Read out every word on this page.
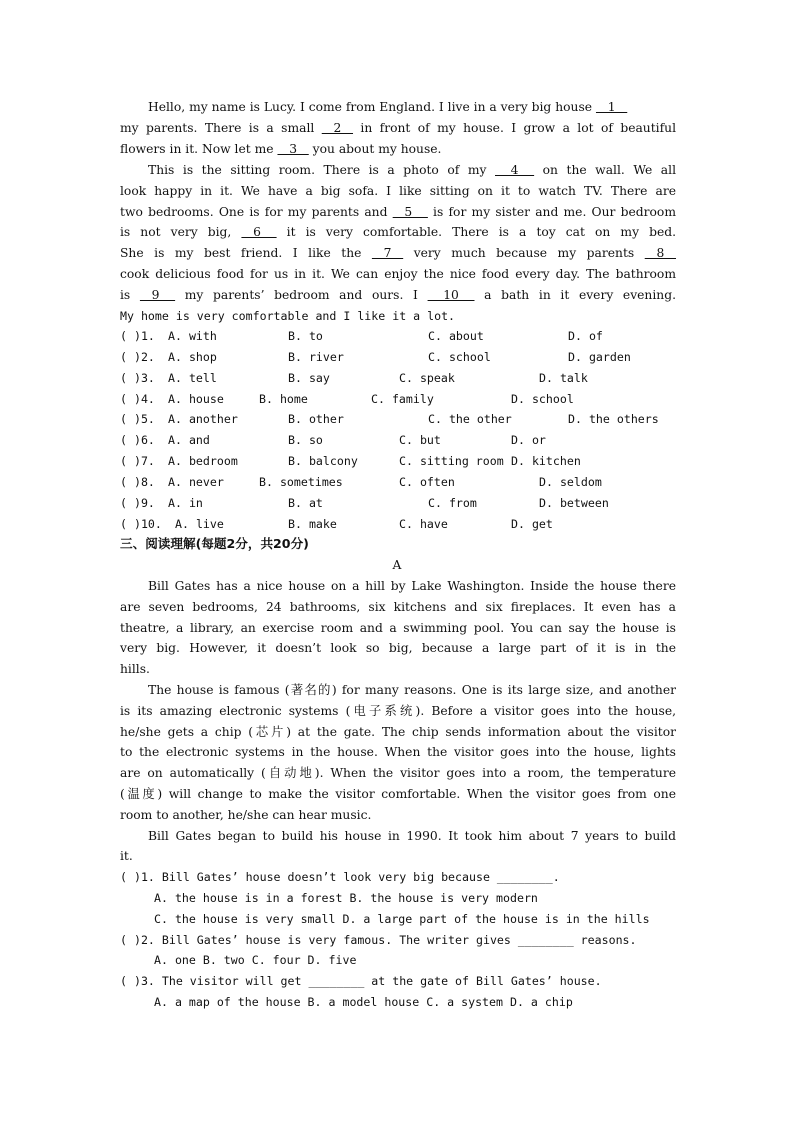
Hello, my name is Lucy. I come from England. I live in a very big house    1
my parents. There is a small    2    in front of my house. I grow a lot of beautiful
flowers in it. Now let me    3    you about my house.
This is the sitting room. There is a photo of my     4     on the wall. We all
look happy in it. We have a big sofa. I like sitting on it to watch TV. There are
two bedrooms. One is for my parents and    5     is for my sister and me. Our bedroom
is not very big,    6     it is very comfortable. There is a toy cat on my bed.
She is my best friend. I like the    7    very much because my parents    8
cook delicious food for us in it. We can enjoy the nice food every day. The bathroom
is    9     my parents’ bedroom and ours. I     10     a bath in it every evening.
My home is very comfortable and I like it a lot.
( )1. A. with	B. to	C. about	D. of
( )2. A. shop	B. river	C. school	D. garden
( )3. A. tell	B. say	C. speak	D. talk
( )4. A. house	B. home	C. family	D. school
( )5. A. another	B. other	C. the other	D. the others
( )6. A. and	B. so	C. but	D. or
( )7. A. bedroom	B. balcony	C. sitting room D. kitchen
( )8. A. never	B. sometimes	C. often	D. seldom
( )9. A. in	B. at	C. from	D. between
( )10. A. live	B. make	C. have	D. get
三、阅读理解(每题2分，共20分)
A
Bill Gates has a nice house on a hill by Lake Washington. Inside the house there
are seven bedrooms, 24 bathrooms, six kitchens and six fireplaces. It even has a
theatre, a library, an exercise room and a swimming pool. You can say the house is
very big. However, it doesn’t look so big, because a large part of it is in the
hills.
The house is famous (著名的) for many reasons. One is its large size, and another
is its amazing electronic systems (电子系统). Before a visitor goes into the house,
he/she gets a chip (芯片) at the gate. The chip sends information about the visitor
to the electronic systems in the house. When the visitor goes into the house, lights
are on automatically (自动地). When the visitor goes into a room, the temperature
(温度) will change to make the visitor comfortable. When the visitor goes from one
room to another, he/she can hear music.
Bill Gates began to build his house in 1990. It took him about 7 years to build
it.
( )1. Bill Gates’ house doesn’t look very big because ________.
A. the house is in a forest B. the house is very modern
C. the house is very small D. a large part of the house is in the hills
( )2. Bill Gates’ house is very famous. The writer gives ________ reasons.
A. one B. two C. four D. five
( )3. The visitor will get ________ at the gate of Bill Gates’ house.
A. a map of the house B. a model house C. a system D. a chip
